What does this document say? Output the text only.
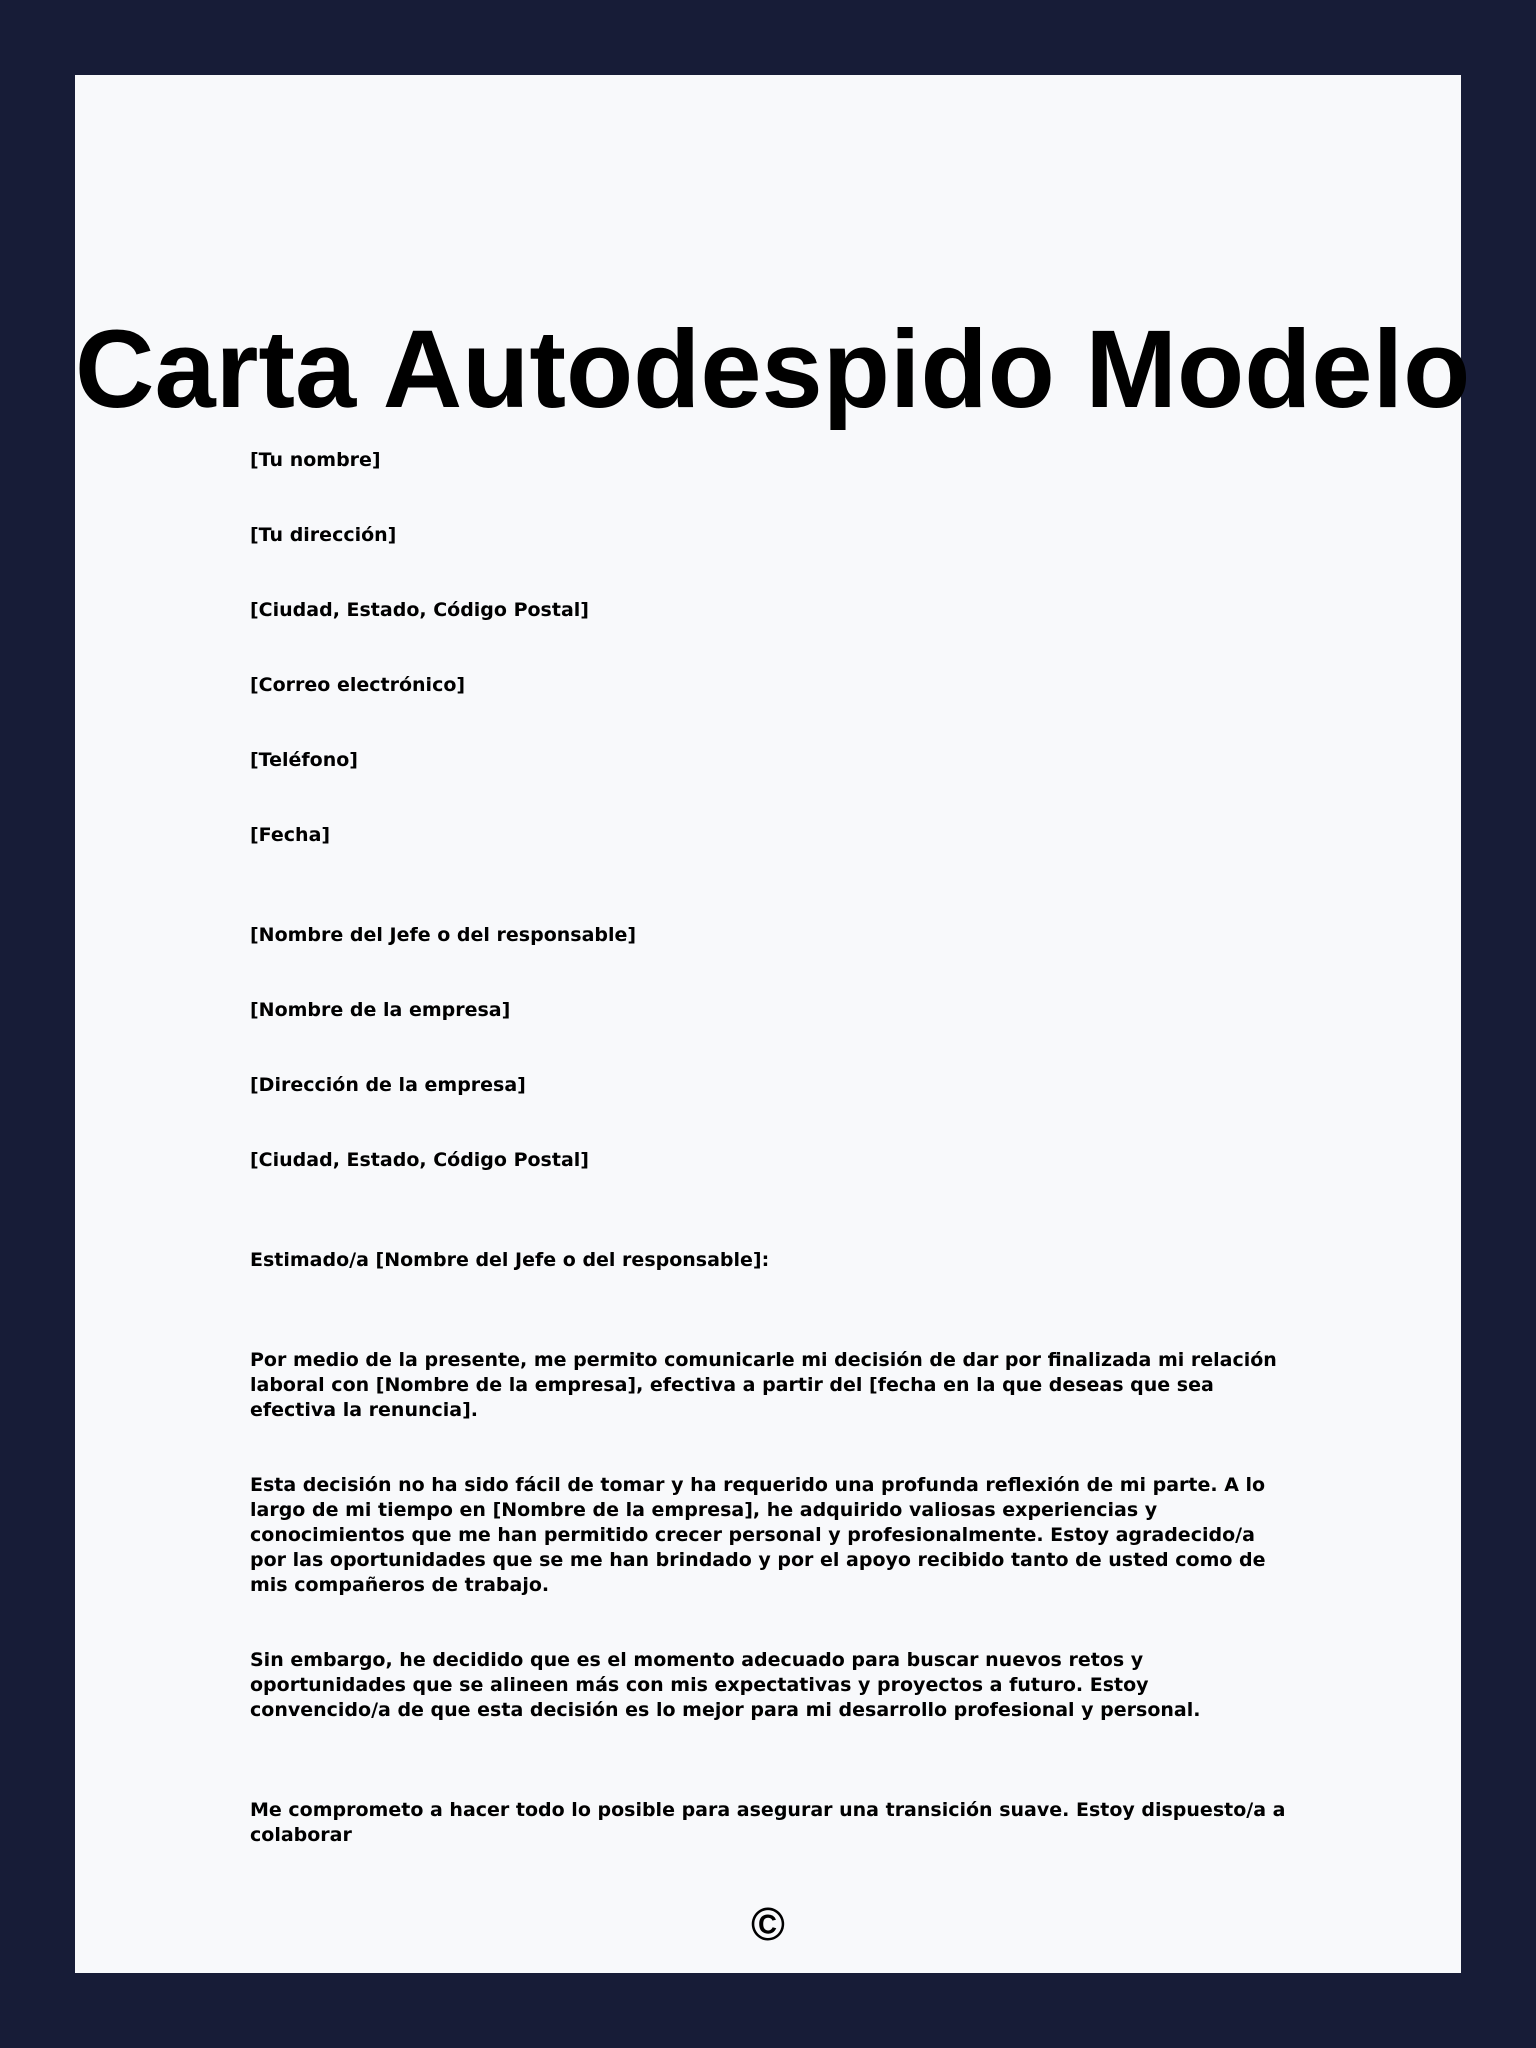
Carta Autodespido Modelo

[Tu nombre]

[Tu dirección]

[Ciudad, Estado, Código Postal]

[Correo electrónico]

[Teléfono]

[Fecha]

[Nombre del Jefe o del responsable]

[Nombre de la empresa]

[Dirección de la empresa]

[Ciudad, Estado, Código Postal]

Estimado/a [Nombre del Jefe o del responsable]:

Por medio de la presente, me permito comunicarle mi decisión de dar por finalizada mi relación laboral con [Nombre de la empresa], efectiva a partir del [fecha en la que deseas que sea efectiva la renuncia].

Esta decisión no ha sido fácil de tomar y ha requerido una profunda reflexión de mi parte. A lo largo de mi tiempo en [Nombre de la empresa], he adquirido valiosas experiencias y conocimientos que me han permitido crecer personal y profesionalmente. Estoy agradecido/a por las oportunidades que se me han brindado y por el apoyo recibido tanto de usted como de mis compañeros de trabajo.

Sin embargo, he decidido que es el momento adecuado para buscar nuevos retos y oportunidades que se alineen más con mis expectativas y proyectos a futuro. Estoy convencido/a de que esta decisión es lo mejor para mi desarrollo profesional y personal.

Me comprometo a hacer todo lo posible para asegurar una transición suave. Estoy dispuesto/a a colaborar

©
